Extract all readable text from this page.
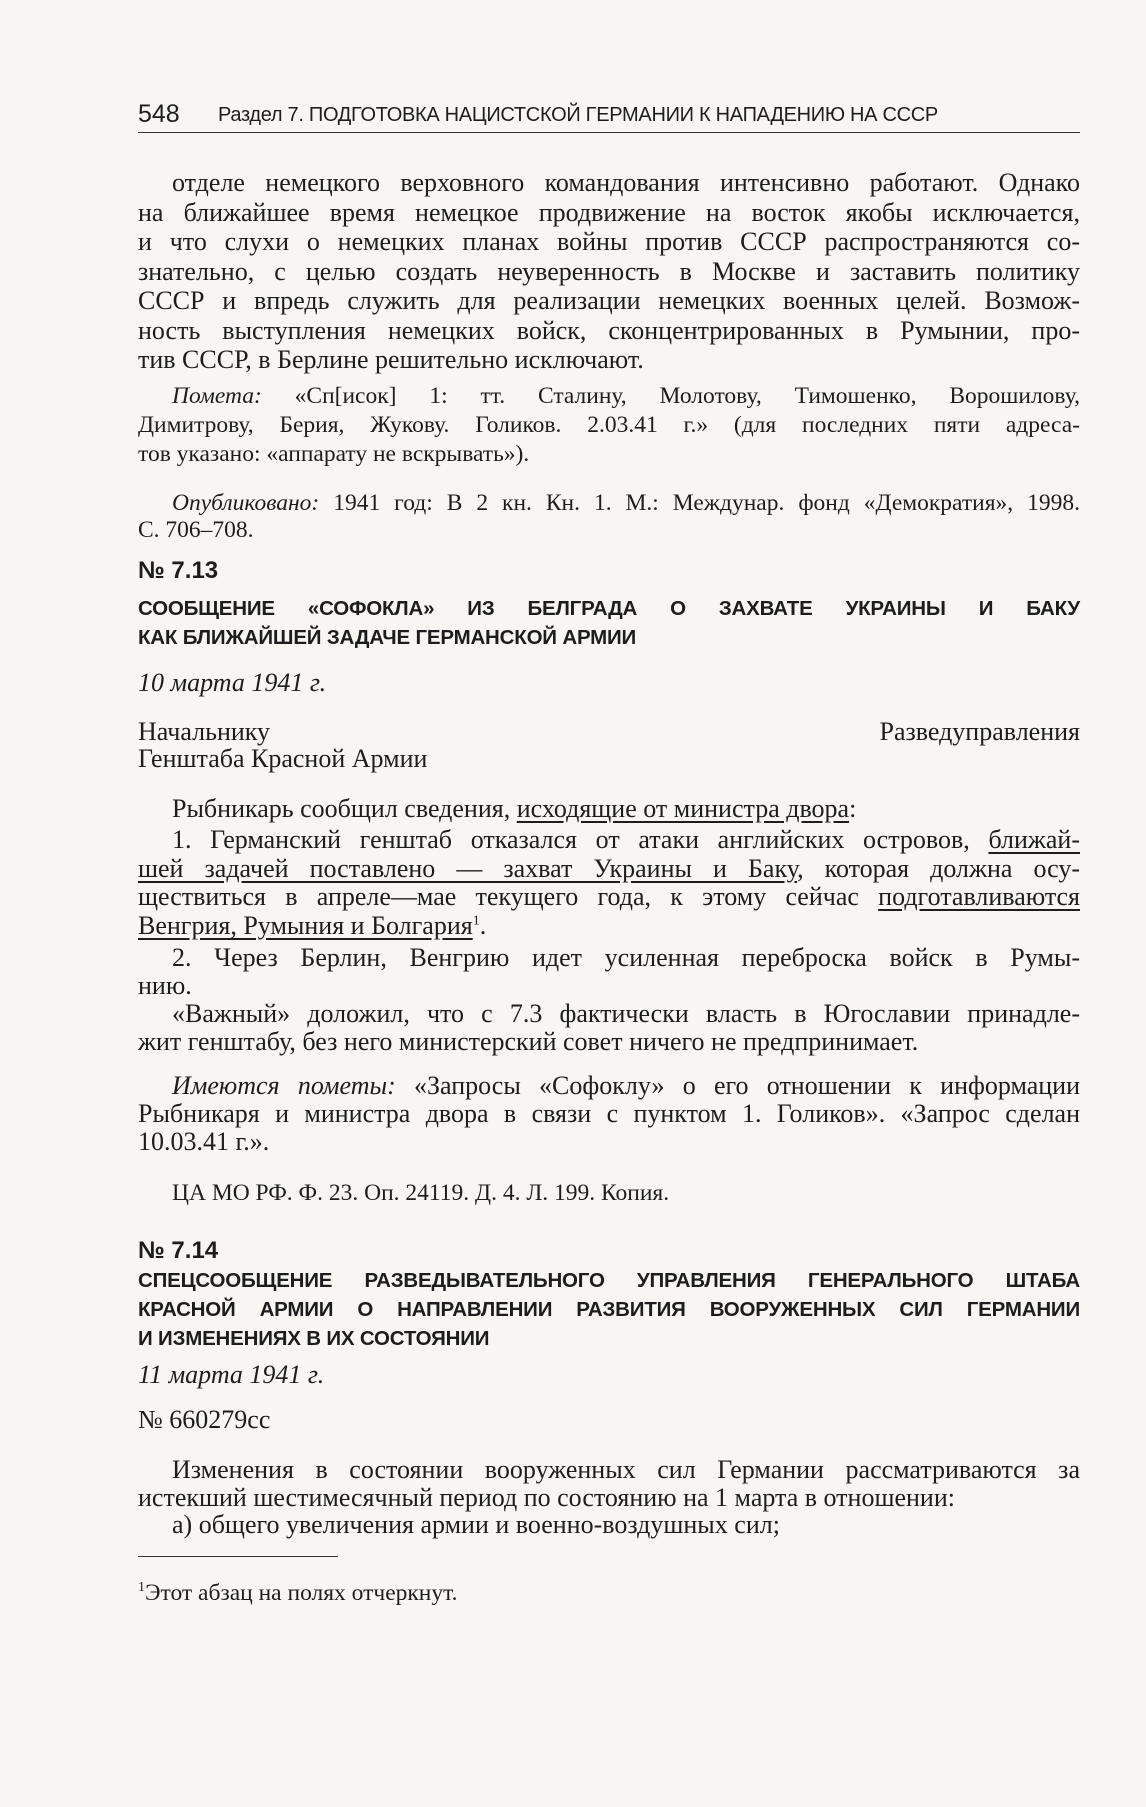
548 Раздел 7. ПОДГОТОВКА НАЦИСТСКОЙ ГЕРМАНИИ К НАПАДЕНИЮ НА СССР
отделе немецкого верховного командования интенсивно работают. Однако
на ближайшее время немецкое продвижение на восток якобы исключается,
и что слухи о немецких планах войны против СССР распространяются со-
знательно, с целью создать неуверенность в Москве и заставить политику
СССР и впредь служить для реализации немецких военных целей. Возмож-
ность выступления немецких войск, сконцентрированных в Румынии, про-
тив СССР, в Берлине решительно исключают.
Помета: «Сп[исок] 1: тт. Сталину, Молотову, Тимошенко, Ворошилову,
Димитрову, Берия, Жукову. Голиков. 2.03.41 г.» (для последних пяти адреса-
тов указано: «аппарату не вскрывать»).
Опубликовано: 1941 год: В 2 кн. Кн. 1. М.: Междунар. фонд «Демократия», 1998.
С. 706–708.
№ 7.13
СООБЩЕНИЕ «СОФОКЛА» ИЗ БЕЛГРАДА О ЗАХВАТЕ УКРАИНЫ И БАКУ
КАК БЛИЖАЙШЕЙ ЗАДАЧЕ ГЕРМАНСКОЙ АРМИИ
10 марта 1941 г.
Начальнику Разведуправления
Генштаба Красной Армии
Рыбникарь сообщил сведения, исходящие от министра двора:
1. Германский генштаб отказался от атаки английских островов, ближай-
шей задачей поставлено — захват Украины и Баку, которая должна осу-
ществиться в апреле—мае текущего года, к этому сейчас подготавливаются
Венгрия, Румыния и Болгария$^1$.
2. Через Берлин, Венгрию идет усиленная переброска войск в Румы-
нию.
«Важный» доложил, что с 7.3 фактически власть в Югославии принадле-
жит генштабу, без него министерский совет ничего не предпринимает.
Имеются пометы: «Запросы «Софоклу» о его отношении к информации
Рыбникаря и министра двора в связи с пунктом 1. Голиков». «Запрос сделан
10.03.41 г.».
ЦА МО РФ. Ф. 23. Оп. 24119. Д. 4. Л. 199. Копия.
№ 7.14
СПЕЦСООБЩЕНИЕ РАЗВЕДЫВАТЕЛЬНОГО УПРАВЛЕНИЯ ГЕНЕРАЛЬНОГО ШТАБА
КРАСНОЙ АРМИИ О НАПРАВЛЕНИИ РАЗВИТИЯ ВООРУЖЕННЫХ СИЛ ГЕРМАНИИ
И ИЗМЕНЕНИЯХ В ИХ СОСТОЯНИИ
11 марта 1941 г.
№ 660279сс
Изменения в состоянии вооруженных сил Германии рассматриваются за
истекший шестимесячный период по состоянию на 1 марта в отношении:
а) общего увеличения армии и военно-воздушных сил;
$^1$Этот абзац на полях отчеркнут.
